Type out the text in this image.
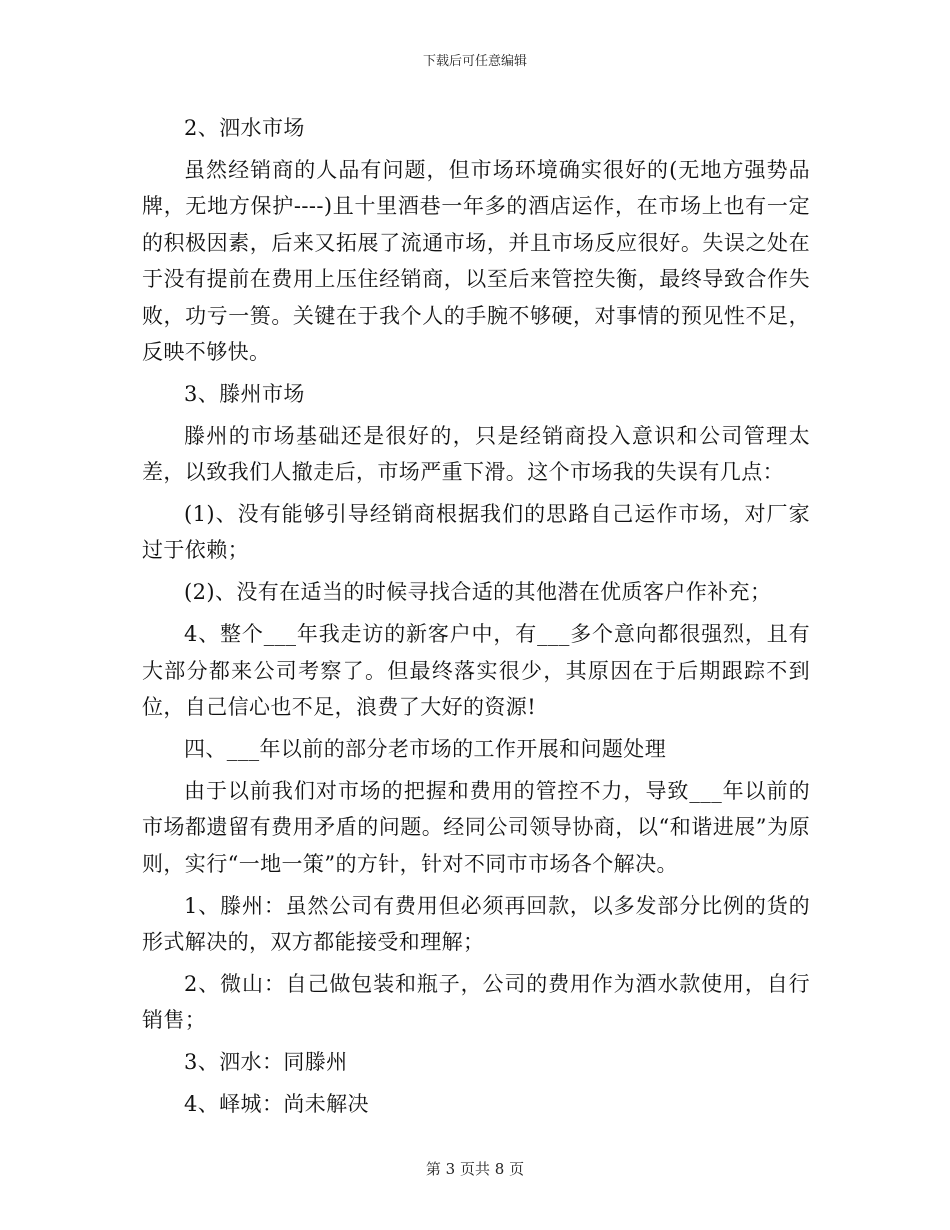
下载后可任意编辑

2、泗水市场

虽然经销商的人品有问题，但市场环境确实很好的(无地方强势品牌，无地方保护----)且十里酒巷一年多的酒店运作，在市场上也有一定的积极因素，后来又拓展了流通市场，并且市场反应很好。失误之处在于没有提前在费用上压住经销商，以至后来管控失衡，最终导致合作失败，功亏一篑。关键在于我个人的手腕不够硬，对事情的预见性不足，反映不够快。

3、滕州市场

滕州的市场基础还是很好的，只是经销商投入意识和公司管理太差，以致我们人撤走后，市场严重下滑。这个市场我的失误有几点：

(1)、没有能够引导经销商根据我们的思路自己运作市场，对厂家过于依赖；

(2)、没有在适当的时候寻找合适的其他潜在优质客户作补充；

4、整个___年我走访的新客户中，有___多个意向都很强烈，且有大部分都来公司考察了。但最终落实很少，其原因在于后期跟踪不到位，自己信心也不足，浪费了大好的资源!

四、___年以前的部分老市场的工作开展和问题处理

由于以前我们对市场的把握和费用的管控不力，导致___年以前的市场都遗留有费用矛盾的问题。经同公司领导协商，以“和谐进展”为原则，实行“一地一策”的方针，针对不同市市场各个解决。

1、滕州：虽然公司有费用但必须再回款，以多发部分比例的货的形式解决的，双方都能接受和理解；

2、微山：自己做包装和瓶子，公司的费用作为酒水款使用，自行销售；

3、泗水：同滕州

4、峄城：尚未解决

第 3 页共 8 页
